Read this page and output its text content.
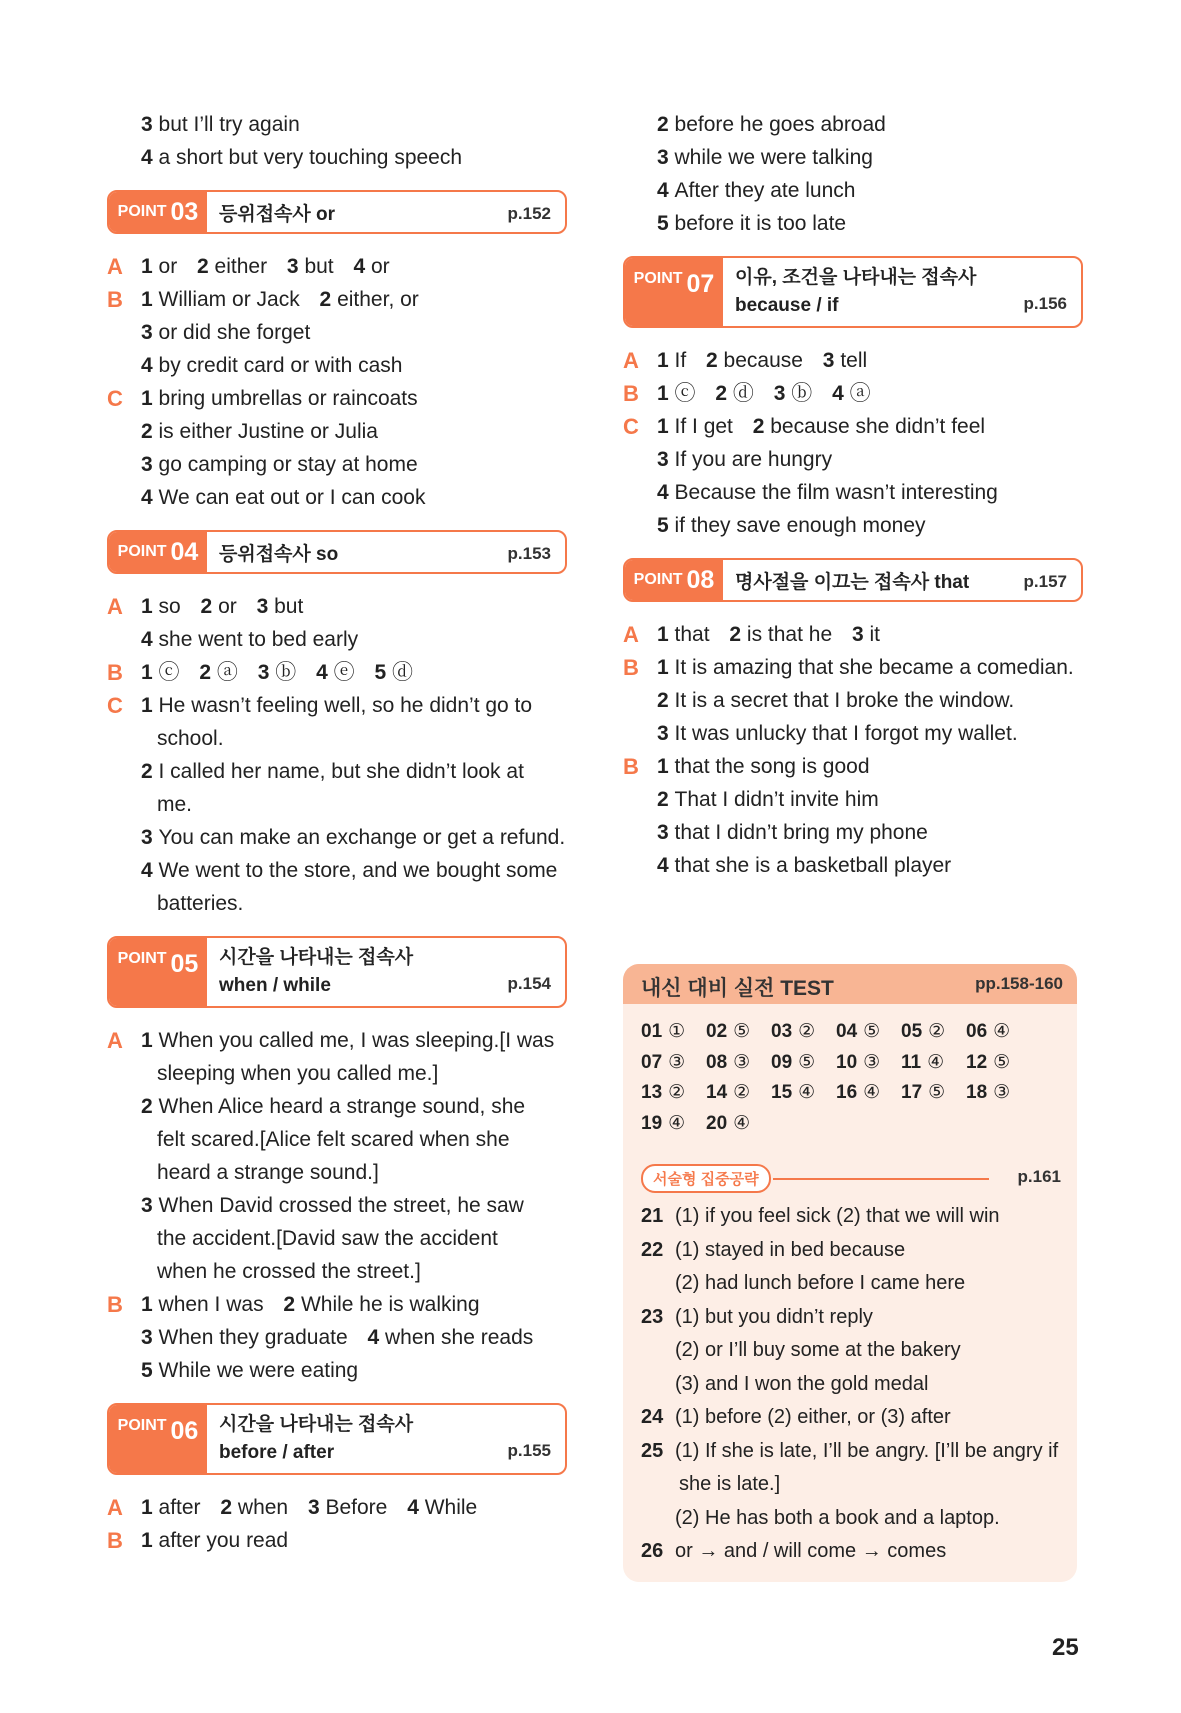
3 but I’ll try again
4 a short but very touching speech
POINT 03 등위접속사 or	p.152
A 1 or 2 either 3 but 4 or
B 1 William or Jack 2 either, or
3 or did she forget
4 by credit card or with cash
C 1 bring umbrellas or raincoats
2 is either Justine or Julia
3 go camping or stay at home
4 We can eat out or I can cook
POINT 04 등위접속사 so	p.153
A 1 so 2 or 3 but
4 she went to bed early
B 1 ⓒ 2 ⓐ 3 ⓑ 4 ⓔ 5 ⓓ
C 1 He wasn’t feeling well, so he didn’t go to
school.
2 I called her name, but she didn’t look at
me.
3 You can make an exchange or get a refund.
4 We went to the store, and we bought some
batteries.
POINT 05 시간을 나타내는 접속사
when / while	p.154
A 1 When you called me, I was sleeping.[I was
sleeping when you called me.]
2 When Alice heard a strange sound, she
felt scared.[Alice felt scared when she
heard a strange sound.]
3 When David crossed the street, he saw
the accident.[David saw the accident
when he crossed the street.]
B 1 when I was 2 While he is walking
3 When they graduate 4 when she reads
5 While we were eating
POINT 06 시간을 나타내는 접속사
before / after	p.155
A 1 after 2 when 3 Before 4 While
B 1 after you read
2 before he goes abroad
3 while we were talking
4 After they ate lunch
5 before it is too late
POINT 07 이유, 조건을 나타내는 접속사
because / if	p.156
A 1 If 2 because 3 tell
B 1 ⓒ 2 ⓓ 3 ⓑ 4 ⓐ
C 1 If I get 2 because she didn’t feel
3 If you are hungry
4 Because the film wasn’t interesting
5 if they save enough money
POINT 08 명사절을 이끄는 접속사 that	p.157
A 1 that 2 is that he 3 it
B 1 It is amazing that she became a comedian.
2 It is a secret that I broke the window.
3 It was unlucky that I forgot my wallet.
B 1 that the song is good
2 That I didn’t invite him
3 that I didn’t bring my phone
4 that she is a basketball player
내신 대비 실전 TEST	pp.158-160
01 ① 02 ⑤ 03 ② 04 ⑤ 05 ② 06 ④
07 ③ 08 ③ 09 ⑤ 10 ③ 11 ④ 12 ⑤
13 ② 14 ② 15 ④ 16 ④ 17 ⑤ 18 ③
19 ④ 20 ④
서술형 집중공략	p.161
21 (1) if you feel sick (2) that we will win
22 (1) stayed in bed because
(2) had lunch before I came here
23 (1) but you didn’t reply
(2) or I’ll buy some at the bakery
(3) and I won the gold medal
24 (1) before (2) either, or (3) after
25 (1) If she is late, I’ll be angry. [I’ll be angry if
she is late.]
(2) He has both a book and a laptop.
26 or → and / will come → comes
25
